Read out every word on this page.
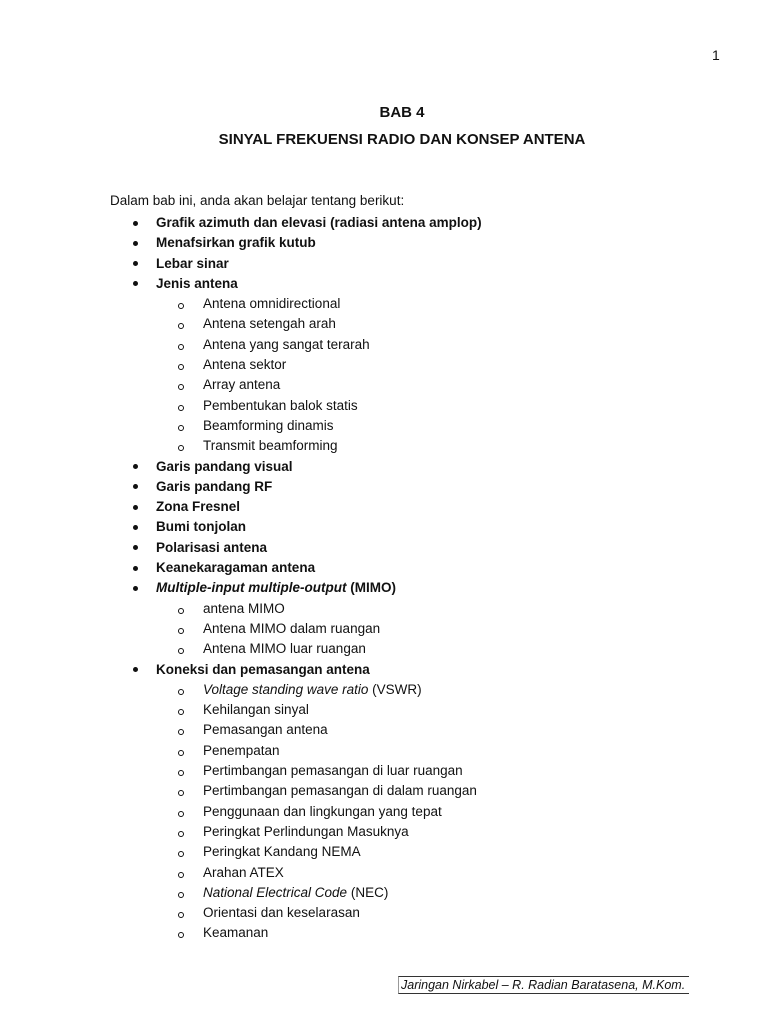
1
BAB 4
SINYAL FREKUENSI RADIO DAN KONSEP ANTENA
Dalam bab ini, anda akan belajar tentang berikut:
Grafik azimuth dan elevasi (radiasi antena amplop)
Menafsirkan grafik kutub
Lebar sinar
Jenis antena
Antena omnidirectional
Antena setengah arah
Antena yang sangat terarah
Antena sektor
Array antena
Pembentukan balok statis
Beamforming dinamis
Transmit beamforming
Garis pandang visual
Garis pandang RF
Zona Fresnel
Bumi tonjolan
Polarisasi antena
Keanekaragaman antena
Multiple-input multiple-output (MIMO)
antena MIMO
Antena MIMO dalam ruangan
Antena MIMO luar ruangan
Koneksi dan pemasangan antena
Voltage standing wave ratio (VSWR)
Kehilangan sinyal
Pemasangan antena
Penempatan
Pertimbangan pemasangan di luar ruangan
Pertimbangan pemasangan di dalam ruangan
Penggunaan dan lingkungan yang tepat
Peringkat Perlindungan Masuknya
Peringkat Kandang NEMA
Arahan ATEX
National Electrical Code (NEC)
Orientasi dan keselarasan
Keamanan
Jaringan Nirkabel – R. Radian Baratasena, M.Kom.
